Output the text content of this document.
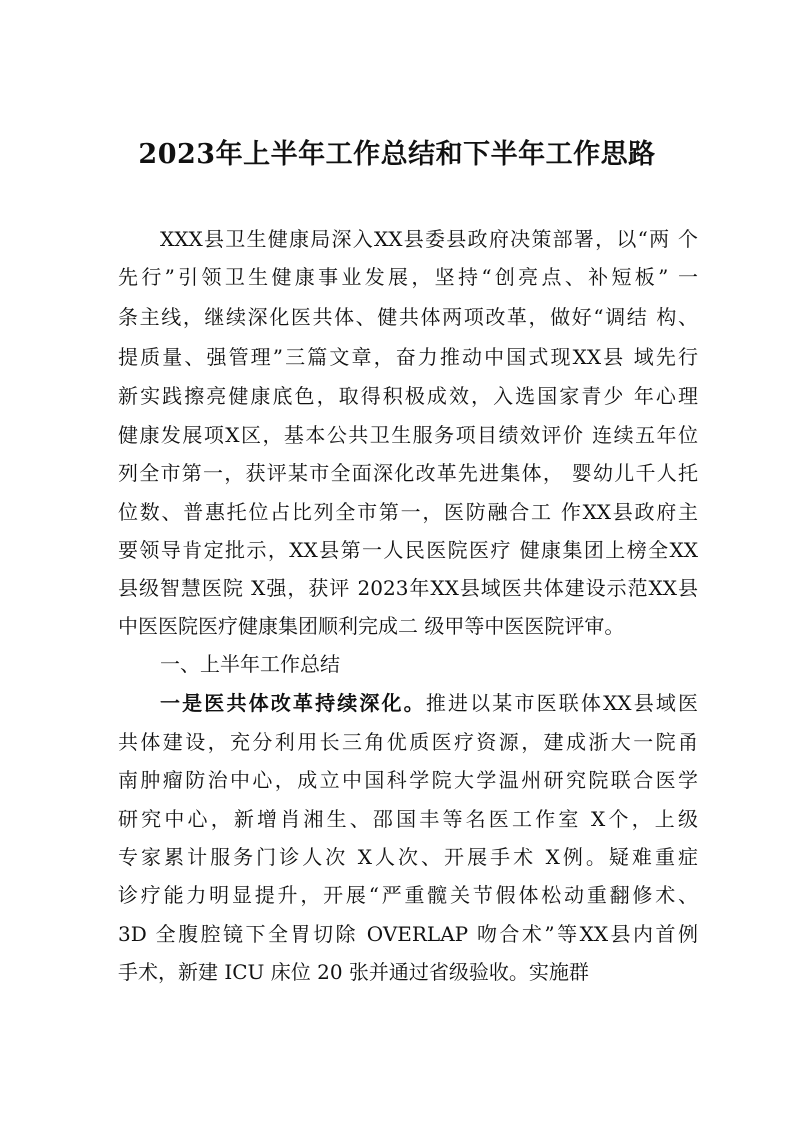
2023年上半年工作总结和下半年工作思路
XXX县卫生健康局深入XX县委县政府决策部署，以“两 个
先行”引领卫生健康事业发展，坚持“创亮点、补短板” 一
条主线，继续深化医共体、健共体两项改革，做好“调结 构、
提质量、强管理”三篇文章，奋力推动中国式现XX县 域先行
新实践擦亮健康底色，取得积极成效，入选国家青少 年心理
健康发展项X区，基本公共卫生服务项目绩效评价 连续五年位
列全市第一，获评某市全面深化改革先进集体， 婴幼儿千人托
位数、普惠托位占比列全市第一，医防融合工 作XX县政府主
要领导肯定批示，XX县第一人民医院医疗 健康集团上榜全XX
县级智慧医院 X强，获评 2023年XX县域医共体建设示范XX县
中医医院医疗健康集团顺利完成二 级甲等中医医院评审。
一、上半年工作总结
一是医共体改革持续深化。推进以某市医联体XX县域医
共体建设，充分利用长三角优质医疗资源，建成浙大一院甬
南肿瘤防治中心，成立中国科学院大学温州研究院联合医学
研究中心，新增肖湘生、邵国丰等名医工作室 X个，上级
专家累计服务门诊人次 X人次、开展手术 X例。疑难重症
诊疗能力明显提升，开展“严重髋关节假体松动重翻修术、
3D 全腹腔镜下全胃切除 OVERLAP 吻合术”等XX县内首例
手术，新建 ICU 床位 20 张并通过省级验收。实施群
